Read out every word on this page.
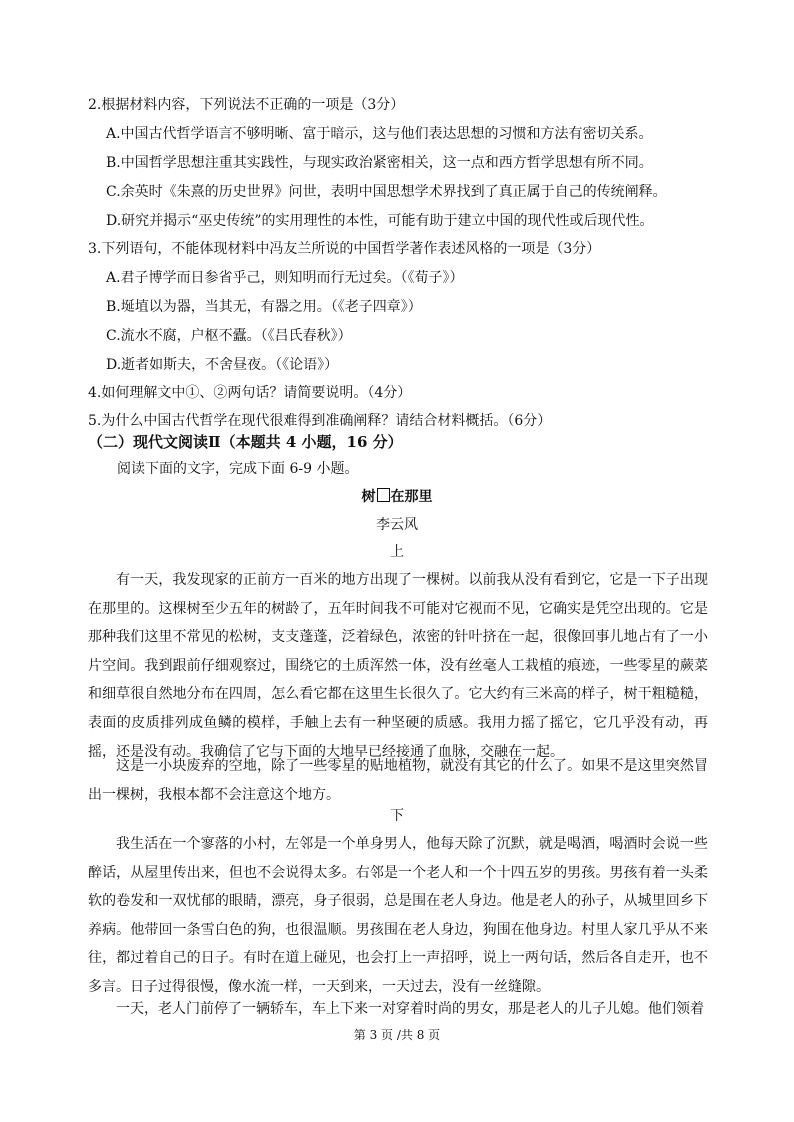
2.根据材料内容，下列说法不正确的一项是（3分）
A.中国古代哲学语言不够明晰、富于暗示，这与他们表达思想的习惯和方法有密切关系。
B.中国哲学思想注重其实践性，与现实政治紧密相关，这一点和西方哲学思想有所不同。
C.余英时《朱熹的历史世界》问世，表明中国思想学术界找到了真正属于自己的传统阐释。
D.研究并揭示“巫史传统”的实用理性的本性，可能有助于建立中国的现代性或后现代性。
3.下列语句，不能体现材料中冯友兰所说的中国哲学著作表述风格的一项是（3分）
A.君子博学而日参省乎己，则知明而行无过矣。（《荀子》）
B.埏埴以为器，当其无，有器之用。（《老子四章》）
C.流水不腐，户枢不蠹。（《吕氏春秋》）
D.逝者如斯夫，不舍昼夜。（《论语》）
4.如何理解文中①、②两句话？请简要说明。（4分）
5.为什么中国古代哲学在现代很难得到准确阐释？请结合材料概括。（6分）
（二）现代文阅读Ⅱ（本题共 4 小题，16 分）
阅读下面的文字，完成下面 6-9 小题。
树 在那里
李云风
上

有一天，我发现家的正前方一百米的地方出现了一棵树。以前我从没有看到它，它是一下子出现在那里的。这棵树至少五年的树龄了，五年时间我不可能对它视而不见，它确实是凭空出现的。它是那种我们这里不常见的松树，支支蓬蓬，泛着绿色，浓密的针叶挤在一起，很像回事儿地占有了一小片空间。我到跟前仔细观察过，围绕它的土质浑然一体，没有丝毫人工栽植的痕迹，一些零星的蕨菜和细草很自然地分布在四周，怎么看它都在这里生长很久了。它大约有三米高的样子，树干粗糙糙，表面的皮质排列成鱼鳞的模样，手触上去有一种坚硬的质感。我用力摇了摇它，它几乎没有动，再摇，还是没有动。我确信了它与下面的大地早已经接通了血脉，交融在一起。

这是一小块废弃的空地，除了一些零星的贴地植物，就没有其它的什么了。如果不是这里突然冒出一棵树，我根本都不会注意这个地方。

下

我生活在一个寥落的小村，左邻是一个单身男人，他每天除了沉默，就是喝酒，喝酒时会说一些醉话，从屋里传出来，但也不会说得太多。右邻是一个老人和一个十四五岁的男孩。男孩有着一头柔软的卷发和一双忧郁的眼睛，漂亮，身子很弱，总是围在老人身边。他是老人的孙子，从城里回乡下养病。他带回一条雪白色的狗，也很温顺。男孩围在老人身边，狗围在他身边。村里人家几乎从不来往，都过着自己的日子。有时在道上碰见，也会打上一声招呼，说上一两句话，然后各自走开，也不多言。日子过得很慢，像水流一样，一天到来，一天过去，没有一丝缝隙。

一天，老人门前停了一辆轿车，车上下来一对穿着时尚的男女，那是老人的儿子儿媳。他们领着

第 3 页 /共 8 页
